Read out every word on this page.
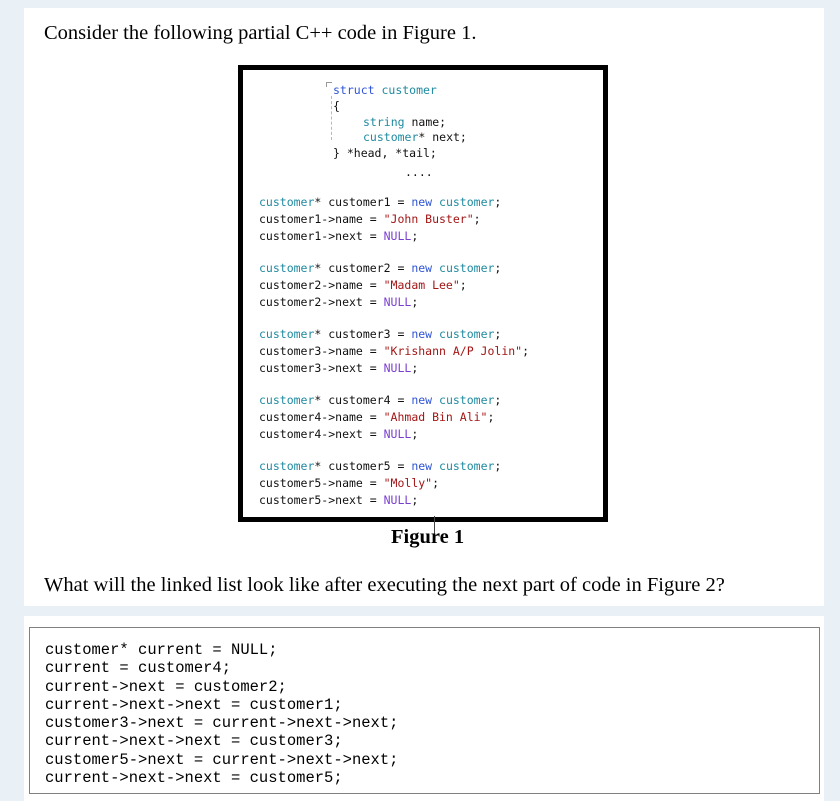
Consider the following partial C++ code in Figure 1.
struct customer
{
string name;
customer* next;
} *head, *tail;
....
customer* customer1 = new customer;
customer1->name = "John Buster";
customer1->next = NULL;
customer* customer2 = new customer;
customer2->name = "Madam Lee";
customer2->next = NULL;
customer* customer3 = new customer;
customer3->name = "Krishann A/P Jolin";
customer3->next = NULL;
customer* customer4 = new customer;
customer4->name = "Ahmad Bin Ali";
customer4->next = NULL;
customer* customer5 = new customer;
customer5->name = "Molly";
customer5->next = NULL;
Figure 1
What will the linked list look like after executing the next part of code in Figure 2?
customer* current = NULL;
current = customer4;
current->next = customer2;
current->next->next = customer1;
customer3->next = current->next->next;
current->next->next = customer3;
customer5->next = current->next->next;
current->next->next = customer5;
